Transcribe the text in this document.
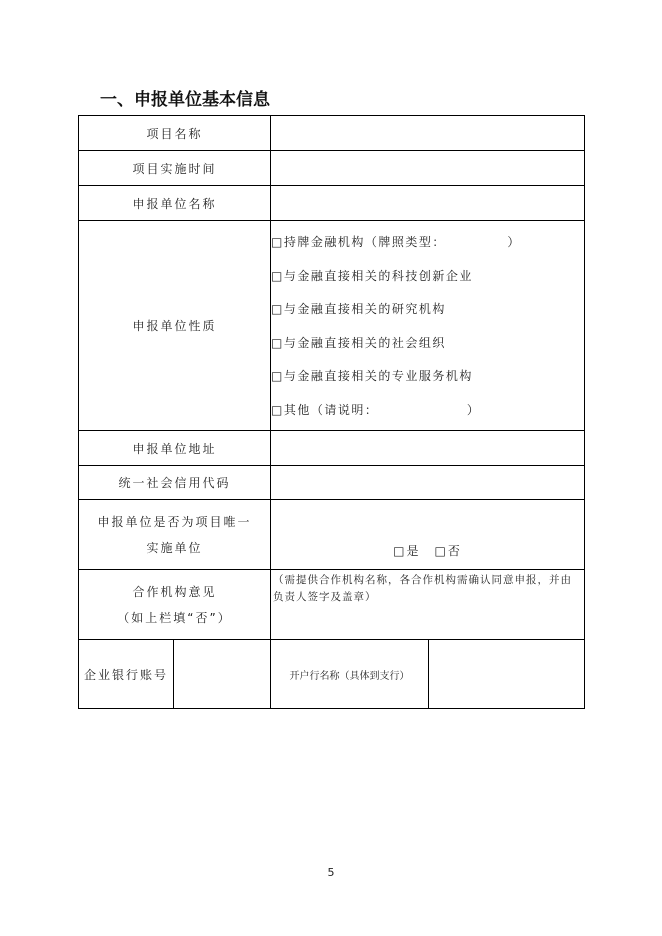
一、申报单位基本信息
项目名称
项目实施时间
申报单位名称
申报单位性质
□持牌金融机构（牌照类型：　　　　　）
□与金融直接相关的科技创新企业
□与金融直接相关的研究机构
□与金融直接相关的社会组织
□与金融直接相关的专业服务机构
□其他（请说明：　　　　　　　）
申报单位地址
统一社会信用代码
申报单位是否为项目唯一
实施单位	□是　□否
合作机构意见
（如上栏填“否”）
（需提供合作机构名称，各合作机构需确认同意申报，并由负责人签字及盖章）
企业银行账号	开户行名称（具体到支行）
5
